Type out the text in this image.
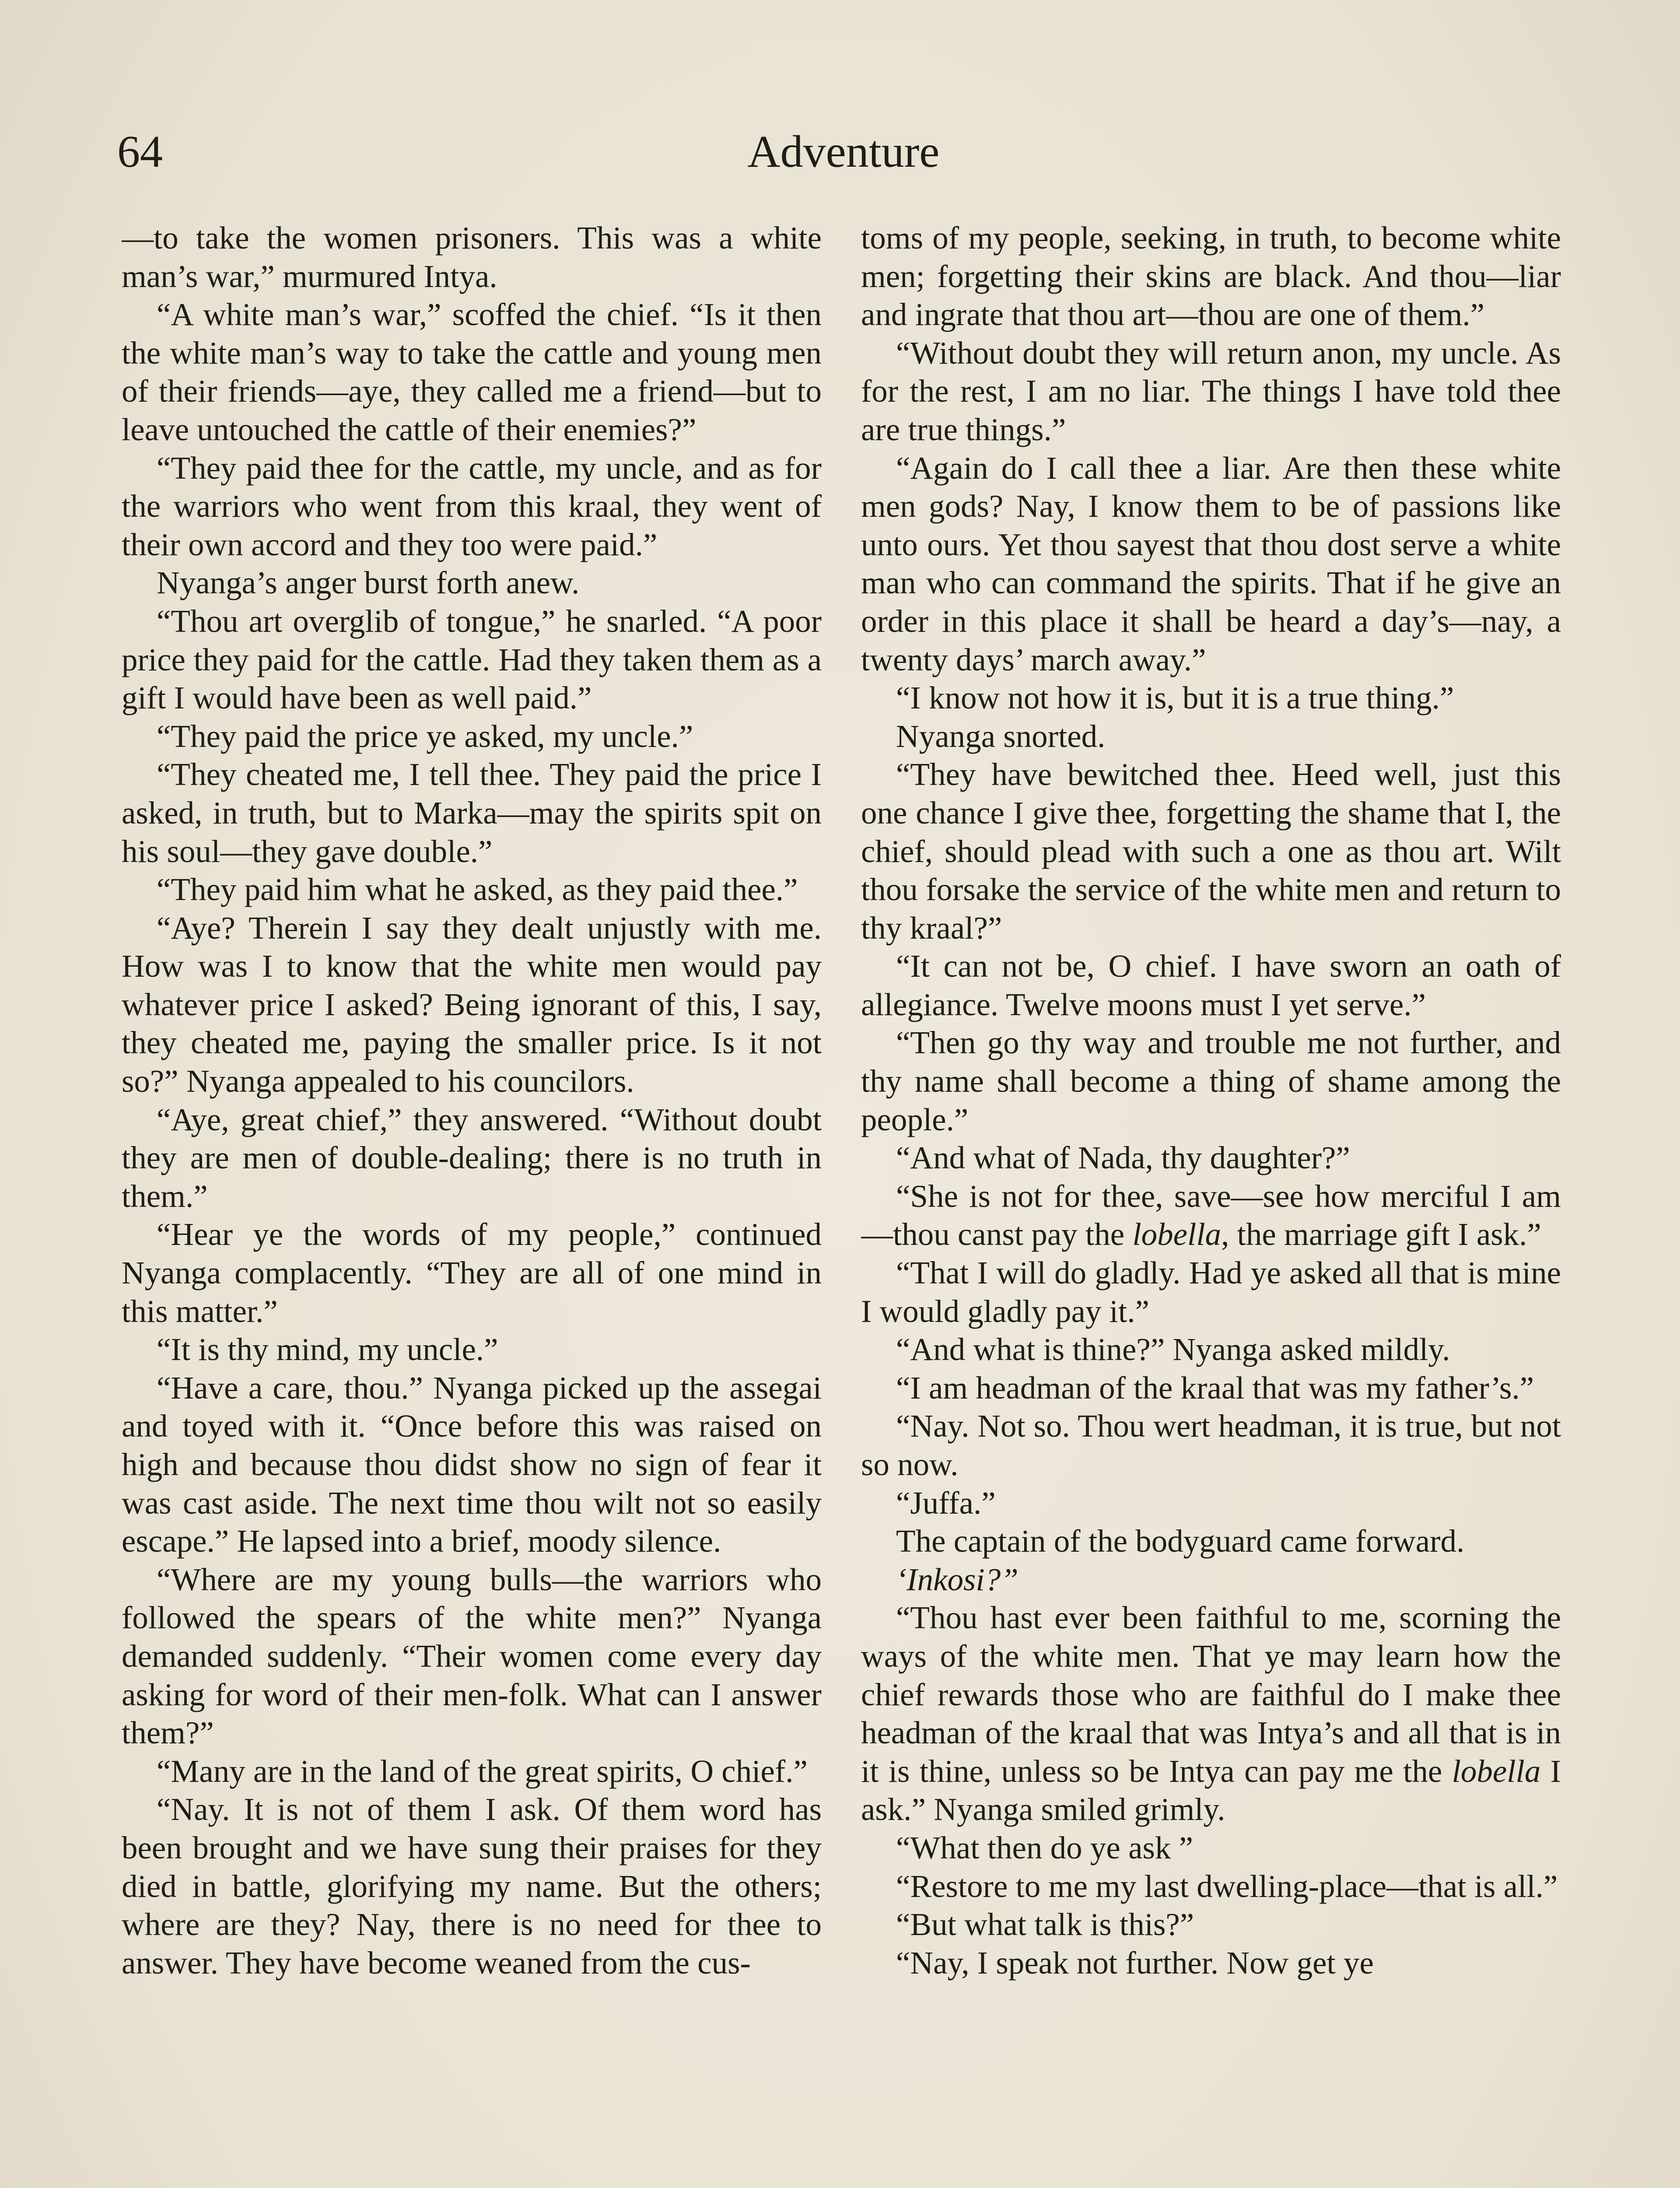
64	Adventure

—to take the women prisoners. This was a white man’s war,” murmured Intya.

“A white man’s war,” scoffed the chief. “Is it then the white man’s way to take the cattle and young men of their friends—aye, they called me a friend—but to leave untouched the cattle of their enemies?”

“They paid thee for the cattle, my uncle, and as for the warriors who went from this kraal, they went of their own accord and they too were paid.”

Nyanga’s anger burst forth anew.

“Thou art overglib of tongue,” he snarled. “A poor price they paid for the cattle. Had they taken them as a gift I would have been as well paid.”

“They paid the price ye asked, my uncle.”

“They cheated me, I tell thee. They paid the price I asked, in truth, but to Marka—may the spirits spit on his soul—they gave double.”

“They paid him what he asked, as they paid thee.”

“Aye? Therein I say they dealt unjustly with me. How was I to know that the white men would pay whatever price I asked? Being ignorant of this, I say, they cheated me, paying the smaller price. Is it not so?” Nyanga appealed to his councilors.

“Aye, great chief,” they answered. “Without doubt they are men of double-dealing; there is no truth in them.”

“Hear ye the words of my people,” continued Nyanga complacently. “They are all of one mind in this matter.”

“It is thy mind, my uncle.”

“Have a care, thou.” Nyanga picked up the assegai and toyed with it. “Once before this was raised on high and because thou didst show no sign of fear it was cast aside. The next time thou wilt not so easily escape.” He lapsed into a brief, moody silence.

“Where are my young bulls—the warriors who followed the spears of the white men?” Nyanga demanded suddenly. “Their women come every day asking for word of their men-folk. What can I answer them?”

“Many are in the land of the great spirits, O chief.”

“Nay. It is not of them I ask. Of them word has been brought and we have sung their praises for they died in battle, glorifying my name. But the others; where are they? Nay, there is no need for thee to answer. They have become weaned from the cus-

toms of my people, seeking, in truth, to become white men; forgetting their skins are black. And thou—liar and ingrate that thou art—thou are one of them.”

“Without doubt they will return anon, my uncle. As for the rest, I am no liar. The things I have told thee are true things.”

“Again do I call thee a liar. Are then these white men gods? Nay, I know them to be of passions like unto ours. Yet thou sayest that thou dost serve a white man who can command the spirits. That if he give an order in this place it shall be heard a day’s—nay, a twenty days’ march away.”

“I know not how it is, but it is a true thing.”

Nyanga snorted.

“They have bewitched thee. Heed well, just this one chance I give thee, forgetting the shame that I, the chief, should plead with such a one as thou art. Wilt thou forsake the service of the white men and return to thy kraal?”

“It can not be, O chief. I have sworn an oath of allegiance. Twelve moons must I yet serve.”

“Then go thy way and trouble me not further, and thy name shall become a thing of shame among the people.”

“And what of Nada, thy daughter?”

“She is not for thee, save—see how merciful I am—thou canst pay the lobella, the marriage gift I ask.”

“That I will do gladly. Had ye asked all that is mine I would gladly pay it.”

“And what is thine?” Nyanga asked mildly.

“I am headman of the kraal that was my father’s.”

“Nay. Not so. Thou wert headman, it is true, but not so now.

“Juffa.”

The captain of the bodyguard came forward.

‘Inkosi?”

“Thou hast ever been faithful to me, scorning the ways of the white men. That ye may learn how the chief rewards those who are faithful do I make thee headman of the kraal that was Intya’s and all that is in it is thine, unless so be Intya can pay me the lobella I ask.” Nyanga smiled grimly.

“What then do ye ask ”

“Restore to me my last dwelling-place—that is all.”

“But what talk is this?”

“Nay, I speak not further. Now get ye
